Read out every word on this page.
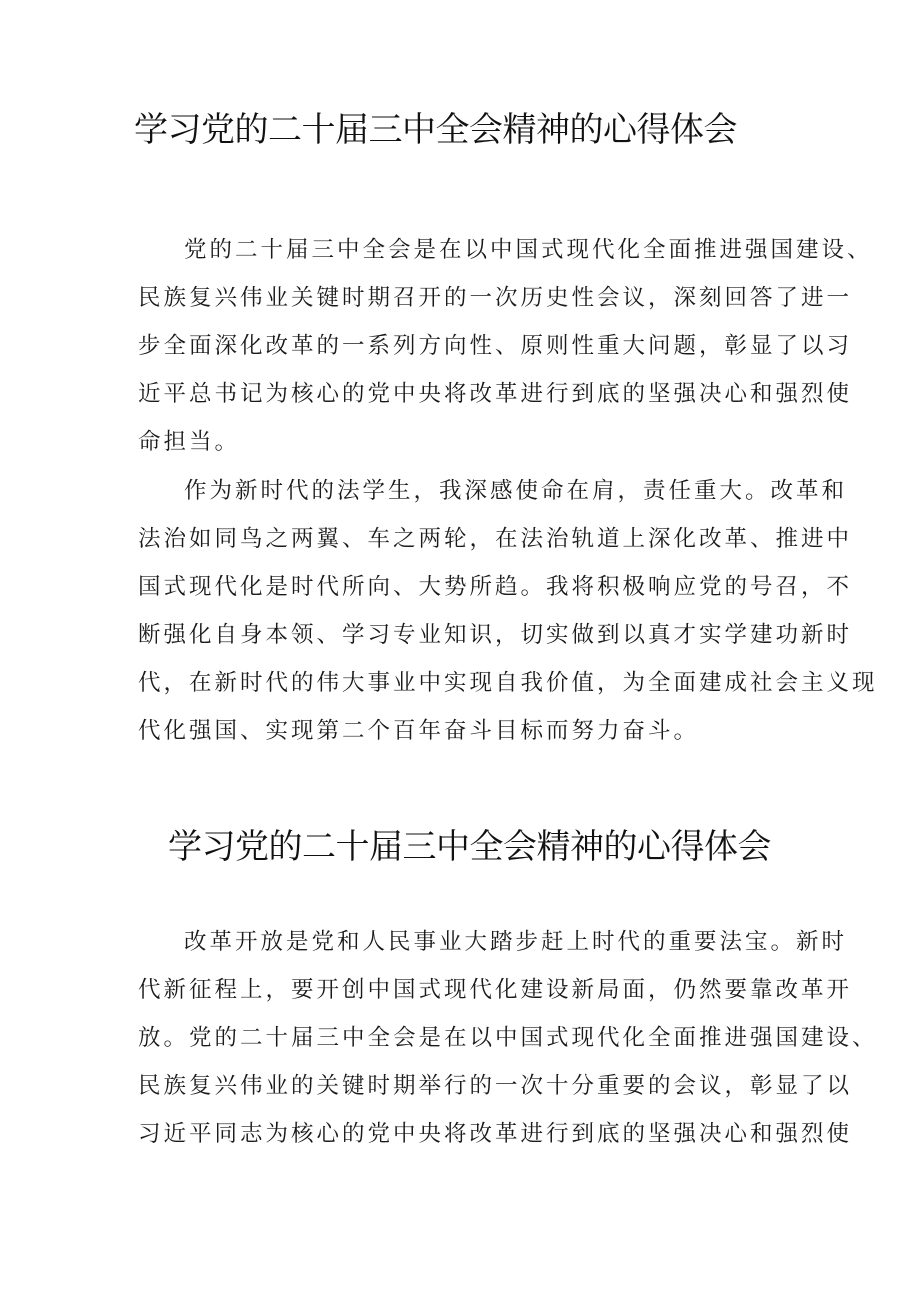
学习党的二十届三中全会精神的心得体会
党的二十届三中全会是在以中国式现代化全面推进强国建设、
民族复兴伟业关键时期召开的一次历史性会议，深刻回答了进一
步全面深化改革的一系列方向性、原则性重大问题，彰显了以习
近平总书记为核心的党中央将改革进行到底的坚强决心和强烈使
命担当。
作为新时代的法学生，我深感使命在肩，责任重大。改革和
法治如同鸟之两翼、车之两轮，在法治轨道上深化改革、推进中
国式现代化是时代所向、大势所趋。我将积极响应党的号召，不
断强化自身本领、学习专业知识，切实做到以真才实学建功新时
代，在新时代的伟大事业中实现自我价值，为全面建成社会主义现
代化强国、实现第二个百年奋斗目标而努力奋斗。
学习党的二十届三中全会精神的心得体会
改革开放是党和人民事业大踏步赶上时代的重要法宝。新时
代新征程上，要开创中国式现代化建设新局面，仍然要靠改革开
放。党的二十届三中全会是在以中国式现代化全面推进强国建设、
民族复兴伟业的关键时期举行的一次十分重要的会议，彰显了以
习近平同志为核心的党中央将改革进行到底的坚强决心和强烈使
